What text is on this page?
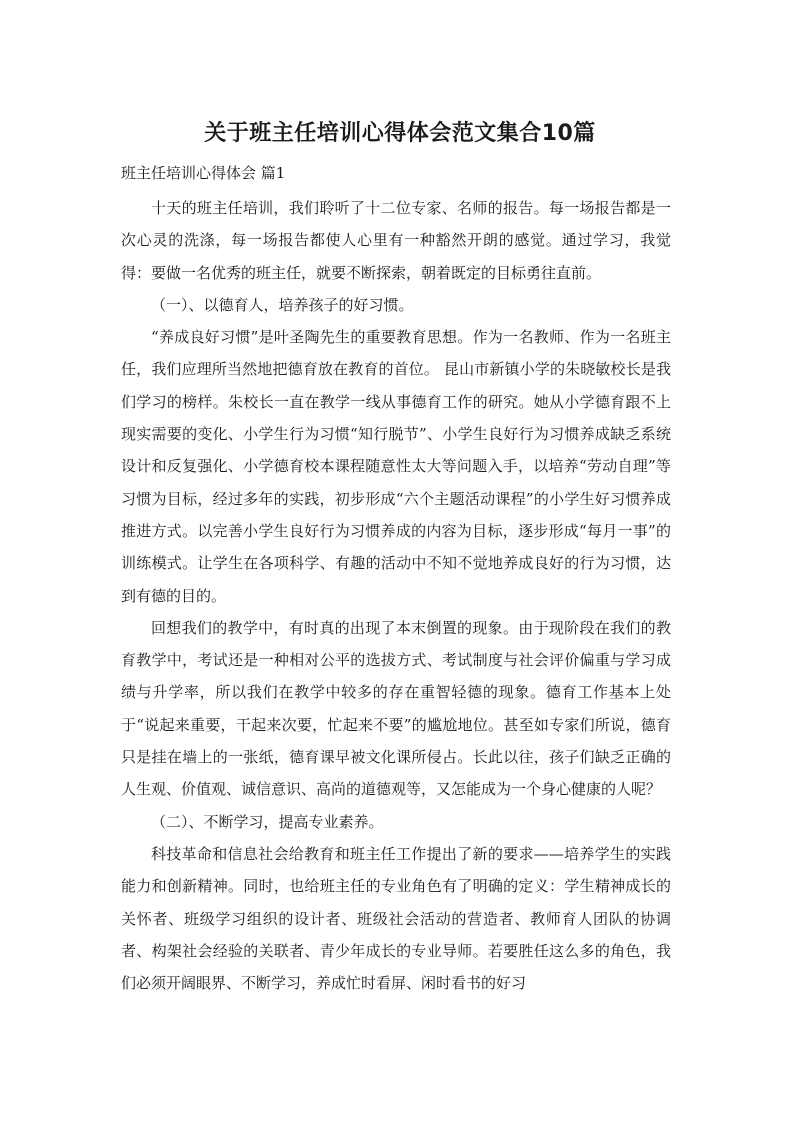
关于班主任培训心得体会范文集合10篇
班主任培训心得体会 篇1

十天的班主任培训，我们聆听了十二位专家、名师的报告。每一场报告都是一次心灵的洗涤，每一场报告都使人心里有一种豁然开朗的感觉。通过学习，我觉得：要做一名优秀的班主任，就要不断探索，朝着既定的目标勇往直前。

（一）、以德育人，培养孩子的好习惯。

“养成良好习惯”是叶圣陶先生的重要教育思想。作为一名教师、作为一名班主任，我们应理所当然地把德育放在教育的首位。 昆山市新镇小学的朱晓敏校长是我们学习的榜样。朱校长一直在教学一线从事德育工作的研究。她从小学德育跟不上现实需要的变化、小学生行为习惯“知行脱节”、小学生良好行为习惯养成缺乏系统设计和反复强化、小学德育校本课程随意性太大等问题入手，以培养“劳动自理”等习惯为目标，经过多年的实践，初步形成“六个主题活动课程”的小学生好习惯养成推进方式。以完善小学生良好行为习惯养成的内容为目标，逐步形成“每月一事”的训练模式。让学生在各项科学、有趣的活动中不知不觉地养成良好的行为习惯，达到有德的目的。

回想我们的教学中，有时真的出现了本末倒置的现象。由于现阶段在我们的教育教学中，考试还是一种相对公平的选拔方式、考试制度与社会评价偏重与学习成绩与升学率，所以我们在教学中较多的存在重智轻德的现象。德育工作基本上处于“说起来重要，干起来次要，忙起来不要”的尴尬地位。甚至如专家们所说，德育只是挂在墙上的一张纸，德育课早被文化课所侵占。长此以往，孩子们缺乏正确的人生观、价值观、诚信意识、高尚的道德观等，又怎能成为一个身心健康的人呢？

（二）、不断学习，提高专业素养。

科技革命和信息社会给教育和班主任工作提出了新的要求——培养学生的实践能力和创新精神。同时，也给班主任的专业角色有了明确的定义：学生精神成长的关怀者、班级学习组织的设计者、班级社会活动的营造者、教师育人团队的协调者、构架社会经验的关联者、青少年成长的专业导师。若要胜任这么多的角色，我们必须开阔眼界、不断学习，养成忙时看屏、闲时看书的好习
